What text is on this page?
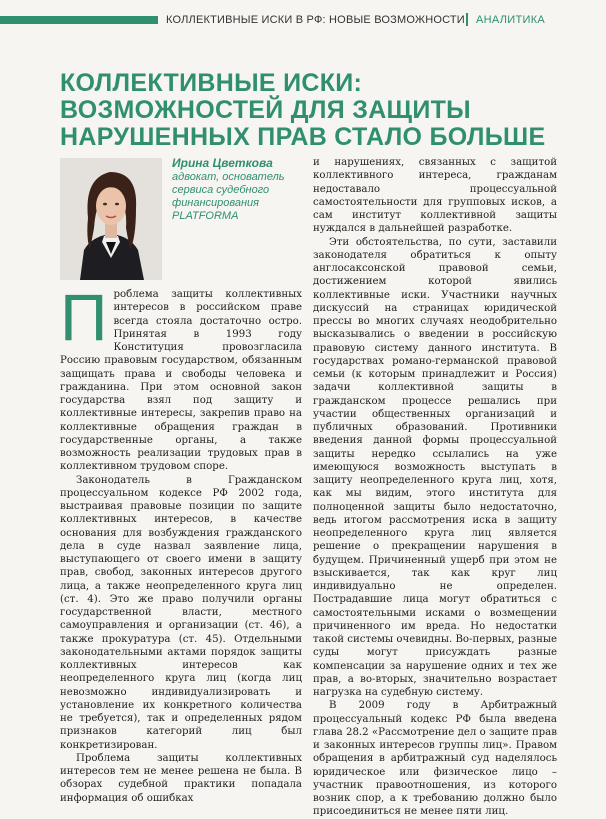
КОЛЛЕКТИВНЫЕ ИСКИ В РФ: НОВЫЕ ВОЗМОЖНОСТИ АНАЛИТИКА
КОЛЛЕКТИВНЫЕ ИСКИ: ВОЗМОЖНОСТЕЙ ДЛЯ ЗАЩИТЫ НАРУШЕННЫХ ПРАВ СТАЛО БОЛЬШЕ

Ирина Цветкова

адвокат, основатель сервиса судебного финансирования PLATFORMA

Проблема защиты коллективных интересов в российском праве всегда стояла достаточно остро. Принятая в 1993 году Конституция провозгласила Россию правовым государством, обязанным защищать права и свободы человека и гражданина. При этом основной закон государства взял под защиту и коллективные интересы, закрепив право на коллективные обращения граждан в государственные органы, а также возможность реализации трудовых прав в коллективном трудовом споре.

Законодатель в Гражданском процессуальном кодексе РФ 2002 года, выстраивая правовые позиции по защите коллективных интересов, в качестве основания для возбуждения гражданского дела в суде назвал заявление лица, выступающего от своего имени в защиту прав, свобод, законных интересов другого лица, а также неопределенного круга лиц (ст. 4). Это же право получили органы государственной власти, местного самоуправления и организации (ст. 46), а также прокуратура (ст. 45). Отдельными законодательными актами порядок защиты коллективных интересов как неопределенного круга лиц (когда лиц невозможно индивидуализировать и установление их конкретного количества не требуется), так и определенных рядом признаков категорий лиц был конкретизирован.

Проблема защиты коллективных интересов тем не менее решена не была. В обзорах судебной практики попадала информация об ошибках

и нарушениях, связанных с защитой коллективного интереса, гражданам недоставало процессуальной самостоятельности для групповых исков, а сам институт коллективной защиты нуждался в дальнейшей разработке.

Эти обстоятельства, по сути, заставили законодателя обратиться к опыту англосаксонской правовой семьи, достижением которой явились коллективные иски. Участники научных дискуссий на страницах юридической прессы во многих случаях неодобрительно высказывались о введении в российскую правовую систему данного института. В государствах романо-германской правовой семьи (к которым принадлежит и Россия) задачи коллективной защиты в гражданском процессе решались при участии общественных организаций и публичных образований. Противники введения данной формы процессуальной защиты нередко ссылались на уже имеющуюся возможность выступать в защиту неопределенного круга лиц, хотя, как мы видим, этого института для полноценной защиты было недостаточно, ведь итогом рассмотрения иска в защиту неопределенного круга лиц является решение о прекращении нарушения в будущем. Причиненный ущерб при этом не взыскивается, так как круг лиц индивидуально не определен. Пострадавшие лица могут обратиться с самостоятельными исками о возмещении причиненного им вреда. Но недостатки такой системы очевидны. Во-первых, разные суды могут присуждать разные компенсации за нарушение одних и тех же прав, а во-вторых, значительно возрастает нагрузка на судебную систему.

В 2009 году в Арбитражный процессуальный кодекс РФ была введена глава 28.2 «Рассмотрение дел о защите прав и законных интересов группы лиц». Правом обращения в арбитражный суд наделялось юридическое или физическое лицо – участник правоотношения, из которого возник спор, а к требованию должно было присоединиться не менее пяти лиц.
